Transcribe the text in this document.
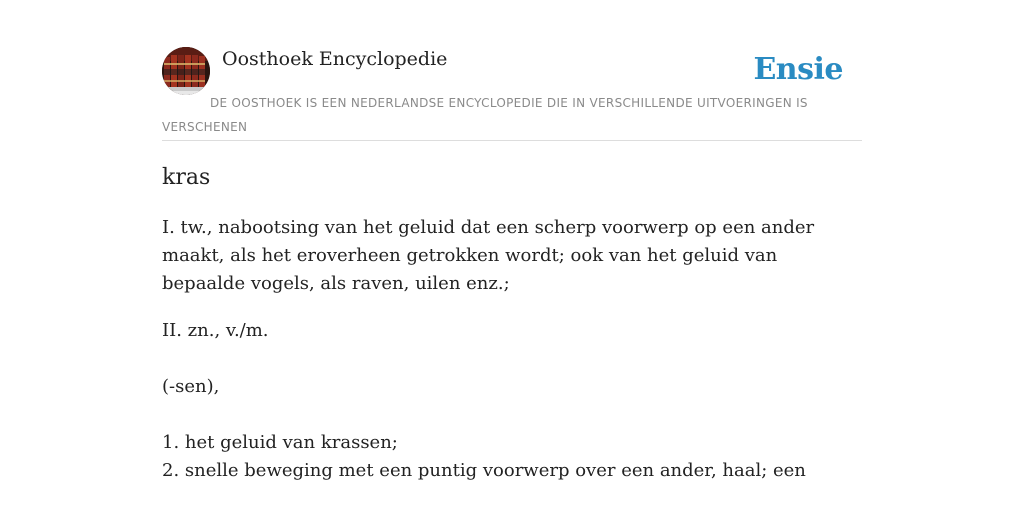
Oosthoek Encyclopedie	Ensie
DE OOSTHOEK IS EEN NEDERLANDSE ENCYCLOPEDIE DIE IN VERSCHILLENDE UITVOERINGEN IS VERSCHENEN
kras

I. tw., nabootsing van het geluid dat een scherp voorwerp op een ander maakt, als het eroverheen getrokken wordt; ook van het geluid van bepaalde vogels, als raven, uilen enz.;

II. zn., v./m.

(-sen),

1. het geluid van krassen;

2. snelle beweging met een puntig voorwerp over een ander, haal; een
